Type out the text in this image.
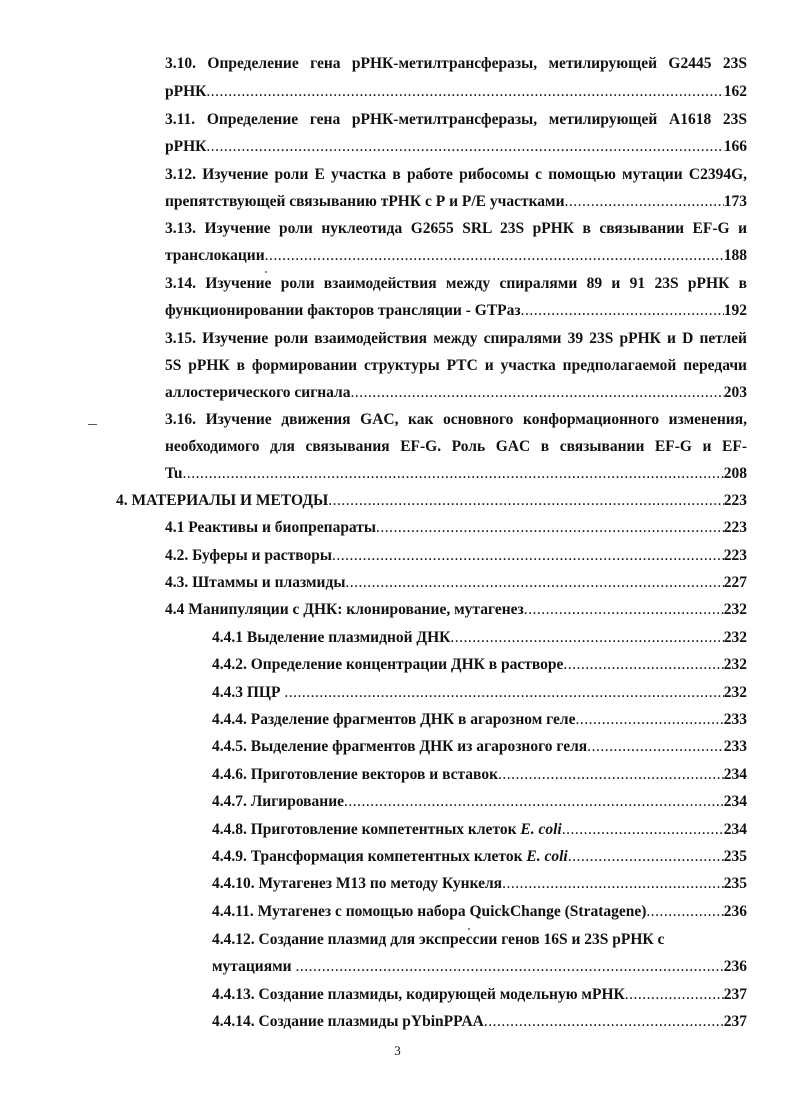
3.10. Определение гена рРНК-метилтрансферазы, метилирующей G2445 23S
рРНК .....	162
3.11. Определение гена рРНК-метилтрансферазы, метилирующей A1618 23S
рРНК .....	166
3.12. Изучение роли Е участка в работе рибосомы с помощью мутации C2394G,
препятствующей связыванию тРНК с Р и Р/Е участками .....	173
3.13. Изучение роли нуклеотида G2655 SRL 23S рРНК в связывании EF-G и
транслокации .....	188
3.14. Изучение роли взаимодействия между спиралями 89 и 91 23S рРНК в
функционировании факторов трансляции - GTPаз .....	192
3.15. Изучение роли взаимодействия между спиралями 39 23S рРНК и D петлей
5S рРНК в формировании структуры РТС и участка предполагаемой передачи
аллостерического сигнала .....	203
3.16. Изучение движения GAC, как основного конформационного изменения,
необходимого для связывания EF-G. Роль GAC в связывании EF-G и EF-
Tu .....	208
4. МАТЕРИАЛЫ И МЕТОДЫ .....	223
4.1 Реактивы и биопрепараты .....	223
4.2. Буферы и растворы .....	223
4.3. Штаммы и плазмиды .....	227
4.4 Манипуляции с ДНК: клонирование, мутагенез .....	232
4.4.1 Выделение плазмидной ДНК .....	232
4.4.2. Определение концентрации ДНК в растворе .....	232
4.4.3 ПЦР .....	232
4.4.4. Разделение фрагментов ДНК в агарозном геле .....	233
4.4.5. Выделение фрагментов ДНК из агарозного геля .....	233
4.4.6. Приготовление векторов и вставок .....	234
4.4.7. Лигирование .....	234
4.4.8. Приготовление компетентных клеток E. coli .....	234
4.4.9. Трансформация компетентных клеток E. coli .....	235
4.4.10. Мутагенез М13 по методу Кункеля .....	235
4.4.11. Мутагенез с помощью набора QuickChange (Stratagene) .....	236
4.4.12. Создание плазмид для экспрессии генов 16S и 23S рРНК с
мутациями .....	236
4.4.13. Создание плазмиды, кодирующей модельную мРНК .....	237
4.4.14. Создание плазмиды pYbinPPAA .....	237
3
